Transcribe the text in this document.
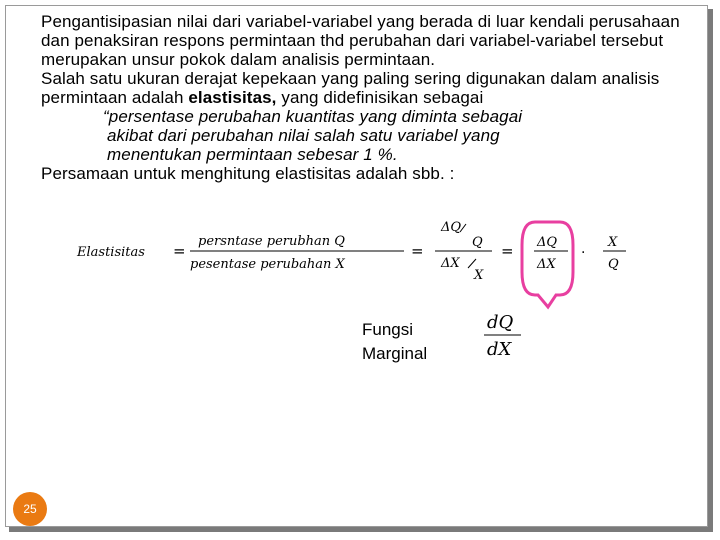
Pengantisipasian nilai dari variabel-variabel yang berada di luar kendali perusahaan dan penaksiran respons permintaan thd perubahan dari variabel-variabel tersebut merupakan unsur pokok dalam analisis permintaan.

Salah satu ukuran derajat kepekaan yang paling sering digunakan dalam analisis permintaan adalah elastisitas, yang didefinisikan sebagai

“persentase perubahan kuantitas yang diminta sebagai

akibat dari perubahan nilai salah satu variabel yang

menentukan permintaan sebesar 1 %.

Persamaan untuk menghitung elastisitas adalah sbb. :

Elastisitas =
persntase perubhan Q
pesentase perubahan X
=
ΔQ
Q
ΔX
X
= ΔQ
ΔX
. X
Q
dQ
dX
Fungsi
Marginal
25
